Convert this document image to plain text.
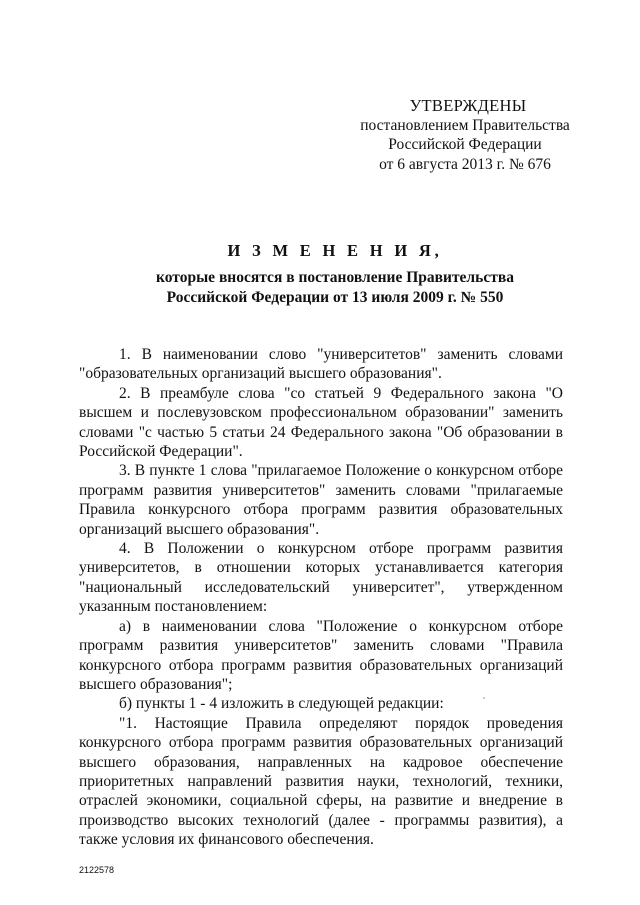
УТВЕРЖДЕНЫ
постановлением Правительства
Российской Федерации
от 6 августа 2013 г. № 676
И З М Е Н Е Н И Я,
которые вносятся в постановление Правительства
Российской Федерации от 13 июля 2009 г. № 550

1. В наименовании слово "университетов" заменить словами "образовательных организаций высшего образования".

2. В преамбуле слова "со статьей 9 Федерального закона "О высшем и послевузовском профессиональном образовании" заменить словами "с частью 5 статьи 24 Федерального закона "Об образовании в Российской Федерации".

3. В пункте 1 слова "прилагаемое Положение о конкурсном отборе программ развития университетов" заменить словами "прилагаемые Правила конкурсного отбора программ развития образовательных организаций высшего образования".

4. В Положении о конкурсном отборе программ развития университетов, в отношении которых устанавливается категория "национальный исследовательский университет", утвержденном указанным постановлением:

а) в наименовании слова "Положение о конкурсном отборе программ развития университетов" заменить словами "Правила конкурсного отбора программ развития образовательных организаций высшего образования";

б) пункты 1 - 4 изложить в следующей редакции:

"1. Настоящие Правила определяют порядок проведения конкурсного отбора программ развития образовательных организаций высшего образования, направленных на кадровое обеспечение приоритетных направлений развития науки, технологий, техники, отраслей экономики, социальной сферы, на развитие и внедрение в производство высоких технологий (далее - программы развития), а также условия их финансового обеспечения.

2122578
